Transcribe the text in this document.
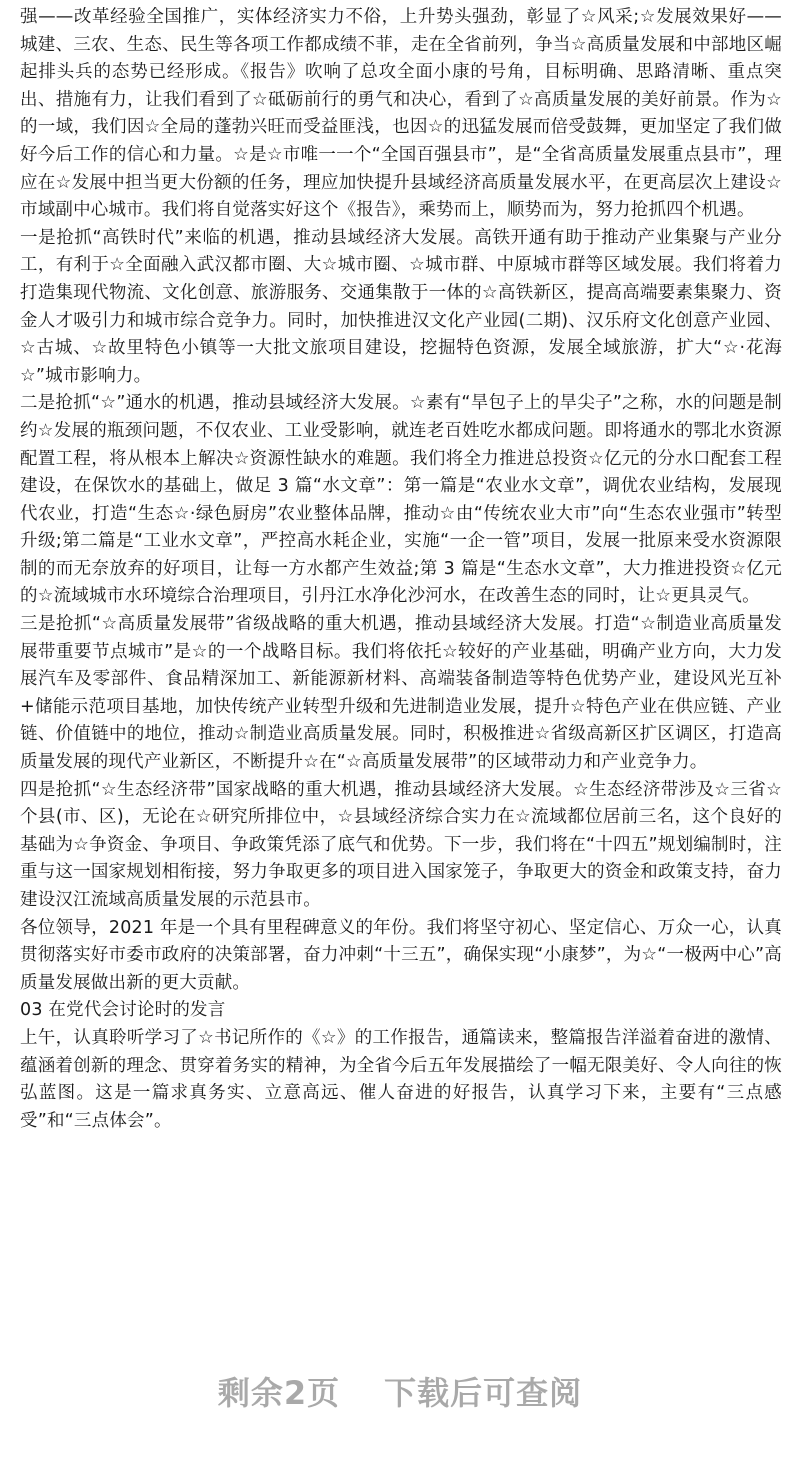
强——改革经验全国推广，实体经济实力不俗，上升势头强劲，彰显了☆风采;☆发展效果好——城建、三农、生态、民生等各项工作都成绩不菲，走在全省前列，争当☆高质量发展和中部地区崛起排头兵的态势已经形成。《报告》吹响了总攻全面小康的号角，目标明确、思路清晰、重点突出、措施有力，让我们看到了☆砥砺前行的勇气和决心，看到了☆高质量发展的美好前景。作为☆的一域，我们因☆全局的蓬勃兴旺而受益匪浅，也因☆的迅猛发展而倍受鼓舞，更加坚定了我们做好今后工作的信心和力量。☆是☆市唯一一个“全国百强县市”，是“全省高质量发展重点县市”，理应在☆发展中担当更大份额的任务，理应加快提升县域经济高质量发展水平，在更高层次上建设☆市域副中心城市。我们将自觉落实好这个《报告》，乘势而上，顺势而为，努力抢抓四个机遇。

一是抢抓“高铁时代”来临的机遇，推动县域经济大发展。高铁开通有助于推动产业集聚与产业分工，有利于☆全面融入武汉都市圈、大☆城市圈、☆城市群、中原城市群等区域发展。我们将着力打造集现代物流、文化创意、旅游服务、交通集散于一体的☆高铁新区，提高高端要素集聚力、资金人才吸引力和城市综合竞争力。同时，加快推进汉文化产业园(二期)、汉乐府文化创意产业园、☆古城、☆故里特色小镇等一大批文旅项目建设，挖掘特色资源，发展全域旅游，扩大“☆·花海☆”城市影响力。

二是抢抓“☆”通水的机遇，推动县域经济大发展。☆素有“旱包子上的旱尖子”之称，水的问题是制约☆发展的瓶颈问题，不仅农业、工业受影响，就连老百姓吃水都成问题。即将通水的鄂北水资源配置工程，将从根本上解决☆资源性缺水的难题。我们将全力推进总投资☆亿元的分水口配套工程建设，在保饮水的基础上，做足 3 篇“水文章”：第一篇是“农业水文章”，调优农业结构，发展现代农业，打造“生态☆·绿色厨房”农业整体品牌，推动☆由“传统农业大市”向“生态农业强市”转型升级;第二篇是“工业水文章”，严控高水耗企业，实施“一企一管”项目，发展一批原来受水资源限制的而无奈放弃的好项目，让每一方水都产生效益;第 3 篇是“生态水文章”，大力推进投资☆亿元的☆流域城市水环境综合治理项目，引丹江水净化沙河水，在改善生态的同时，让☆更具灵气。

三是抢抓“☆高质量发展带”省级战略的重大机遇，推动县域经济大发展。打造“☆制造业高质量发展带重要节点城市”是☆的一个战略目标。我们将依托☆较好的产业基础，明确产业方向，大力发展汽车及零部件、食品精深加工、新能源新材料、高端装备制造等特色优势产业，建设风光互补+储能示范项目基地，加快传统产业转型升级和先进制造业发展，提升☆特色产业在供应链、产业链、价值链中的地位，推动☆制造业高质量发展。同时，积极推进☆省级高新区扩区调区，打造高质量发展的现代产业新区，不断提升☆在“☆高质量发展带”的区域带动力和产业竞争力。

四是抢抓“☆生态经济带”国家战略的重大机遇，推动县域经济大发展。☆生态经济带涉及☆三省☆个县(市、区)，无论在☆研究所排位中，☆县域经济综合实力在☆流域都位居前三名，这个良好的基础为☆争资金、争项目、争政策凭添了底气和优势。下一步，我们将在“十四五”规划编制时，注重与这一国家规划相衔接，努力争取更多的项目进入国家笼子，争取更大的资金和政策支持，奋力建设汉江流域高质量发展的示范县市。

各位领导，2021 年是一个具有里程碑意义的年份。我们将坚守初心、坚定信心、万众一心，认真贯彻落实好市委市政府的决策部署，奋力冲刺“十三五”，确保实现“小康梦”，为☆“一极两中心”高质量发展做出新的更大贡献。

03 在党代会讨论时的发言

上午，认真聆听学习了☆书记所作的《☆》的工作报告，通篇读来，整篇报告洋溢着奋进的激情、蕴涵着创新的理念、贯穿着务实的精神，为全省今后五年发展描绘了一幅无限美好、令人向往的恢弘蓝图。这是一篇求真务实、立意高远、催人奋进的好报告，认真学习下来，主要有“三点感受”和“三点体会”。

剩余2页 下载后可查阅
